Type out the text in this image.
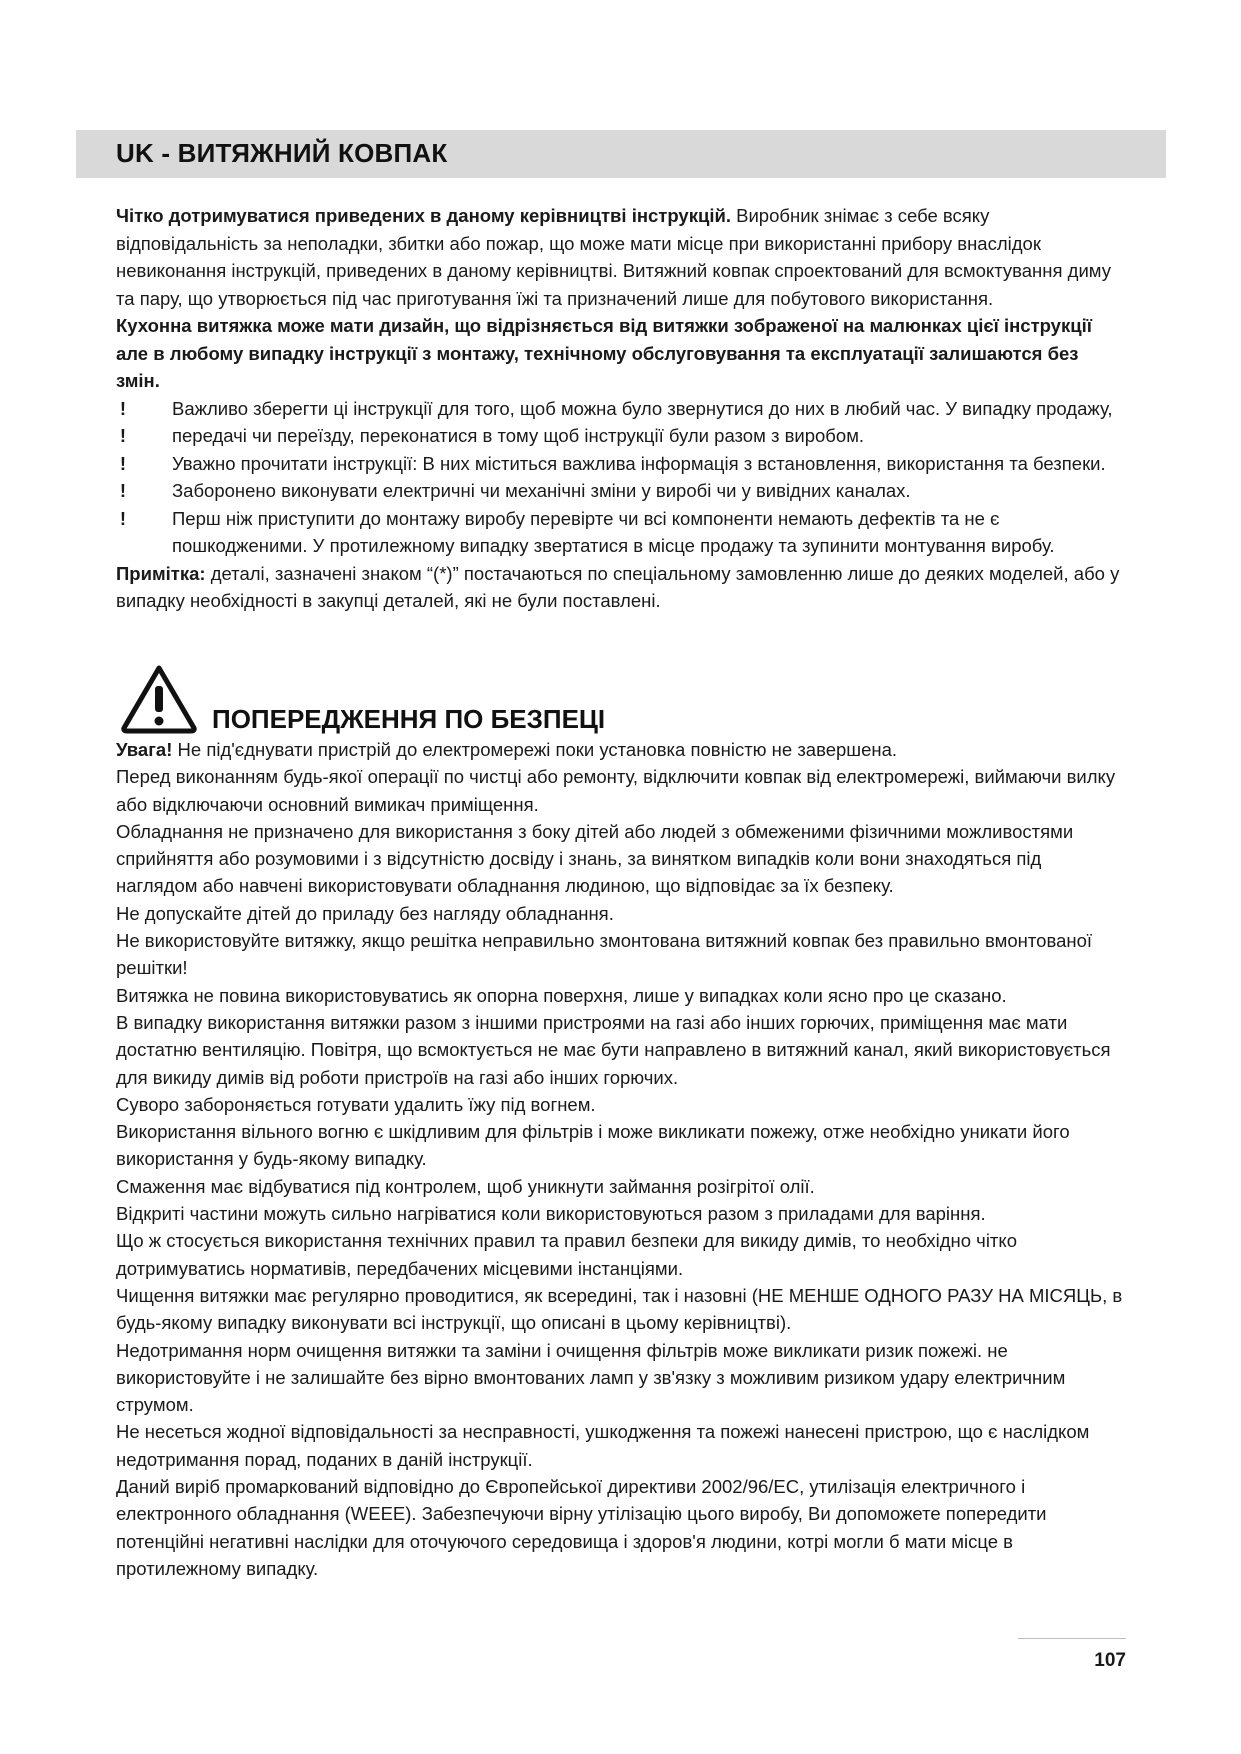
UK - ВИТЯЖНИЙ КОВПАК

Чітко дотримуватися приведених в даному керівництві інструкцій. Виробник знімає з себе всяку відповідальність за неполадки, збитки або пожар, що може мати місце при використанні прибору внаслідок невиконання інструкцій, приведених в даному керівництві. Витяжний ковпак спроектований для всмоктування диму та пару, що утворюється під час приготування їжі та призначений лише для побутового використання.

Кухонна витяжка може мати дизайн, що відрізняється від витяжки зображеної на малюнках цієї інструкції але в любому випадку інструкції з монтажу, технічному обслуговування та експлуатації залишаются без змін.

! Важливо зберегти ці інструкції для того, щоб можна було звернутися до них в любий час. У випадку продажу,
! передачі чи переїзду, переконатися в тому щоб інструкції були разом з виробом.
! Уважно прочитати інструкції: В них міститься важлива інформація з встановлення, використання та безпеки.
! Заборонено виконувати електричні чи механічні зміни у виробі чи у вивідних каналах.
! Перш ніж приступити до монтажу виробу перевірте чи всі компоненти немають дефектів та не є пошкодженими. У протилежному випадку звертатися в місце продажу та зупинити монтування виробу.

Примітка: деталі, зазначені знаком “(*)” постачаються по спеціальному замовленню лише до деяких моделей, або у

випадку необхідності в закупці деталей, які не були поставлені.

ПОПЕРЕДЖЕННЯ ПО БЕЗПЕЦІ

Увага! Не під'єднувати пристрій до електромережі поки установка повністю не завершена.

Перед виконанням будь-якої операції по чистці або ремонту, відключити ковпак від електромережі, виймаючи вилку або відключаючи основний вимикач приміщення.

Обладнання не призначено для використання з боку дітей або людей з обмеженими фізичними можливостями сприйняття або розумовими і з відсутністю досвіду і знань, за винятком випадків коли вони знаходяться під наглядом або навчені використовувати обладнання людиною, що відповідає за їх безпеку.

Не допускайте дітей до приладу без нагляду обладнання.

Не використовуйте витяжку, якщо решітка неправильно змонтована витяжний ковпак без правильно вмонтованої решітки!

Витяжка не повина використовуватись як опорна поверхня, лише у випадках коли ясно про це сказано.

В випадку використання витяжки разом з іншими пристроями на газі або інших горючих, приміщення має мати достатню вентиляцію. Повітря, що всмоктується не має бути направлено в витяжний канал, який використовується для викиду димів від роботи пристроїв на газі або інших горючих.

Суворо забороняється готувати удалить їжу під вогнем.

Використання вільного вогню є шкідливим для фільтрів і може викликати пожежу, отже необхідно уникати його використання у будь-якому випадку.

Смаження має відбуватися під контролем, щоб уникнути займання розігрітої олії.

Відкриті частини можуть сильно нагріватися коли використовуються разом з приладами для варіння.

Що ж стосується використання технічних правил та правил безпеки для викиду димів, то необхідно чітко дотримуватись нормативів, передбачених місцевими інстанціями.

Чищення витяжки має регулярно проводитися, як всередині, так і назовні (НЕ МЕНШЕ ОДНОГО РАЗУ НА МІСЯЦЬ, в будь-якому випадку виконувати всі інструкції, що описані в цьому керівництві).

Недотримання норм очищення витяжки та заміни і очищення фільтрів може викликати ризик пожежі. не використовуйте і не залишайте без вірно вмонтованих ламп у зв'язку з можливим ризиком удару електричним струмом.

Не несеться жодної відповідальності за несправності, ушкодження та пожежі нанесені пристрою, що є наслідком недотримання порад, поданих в даній інструкції.

Даний виріб промаркований відповідно до Європейської директиви 2002/96/EC, утилізація електричного і електронного обладнання (WEEE). Забезпечуючи вірну утілізацію цього виробу, Ви допоможете попередити потенційні негативні наслідки для оточуючого середовища і здоров'я людини, котрі могли б мати місце в протилежному випадку.

107
